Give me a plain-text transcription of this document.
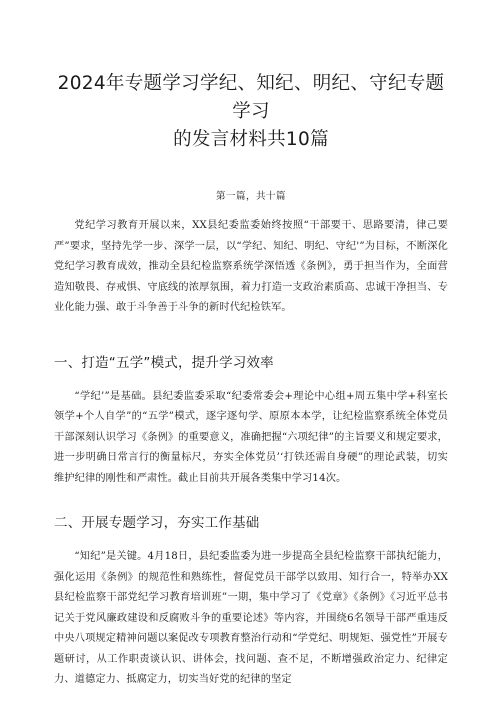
2024年专题学习学纪、知纪、明纪、守纪专题学习
的发言材料共10篇
第一篇，共十篇

党纪学习教育开展以来，XX县纪委监委始终按照“干部要干、思路要清，律己要严”要求，坚持先学一步、深学一层，以“学纪、知纪、明纪、守纪'”为目标，不断深化党纪学习教育成效，推动全县纪检监察系统学深悟透《条例》，勇于担当作为，全面营造知敬畏、存戒惧、守底线的浓厚氛围，着力打造一支政治素质高、忠诚干净担当、专业化能力强、敢于斗争善于斗争的新时代纪检铁军。

一、打造“五学”模式，提升学习效率

“学纪’”是基础。县纪委监委采取“纪委常委会+理论中心组+周五集中学+科室长领学+个人自学”的“五学”模式，逐字逐句学、原原本本学，让纪检监察系统全体党员干部深刻认识学习《条例》的重要意义，准确把握“六项纪律”的主旨要义和规定要求，进一步明确日常言行的衡量标尺，夯实全体党员’‘打铁还需自身硬”的理论武装，切实维护纪律的刚性和严肃性。截止目前共开展各类集中学习14次。

二、开展专题学习，夯实工作基础

“知纪”是关键。4月18日，县纪委监委为进一步提高全县纪检监察干部执纪能力，强化运用《条例》的规范性和熟练性，督促党员干部学以致用、知行合一，特举办XX县纪检监察干部党纪学习教育培训班”一期，集中学习了《党章》《条例》《习近平总书记关于党风廉政建设和反腐败斗争的重要论述》等内容，并围绕6名领导干部严重违反中央八项规定精神问题以案促改专项教育整治行动和“学党纪、明规矩、强党性”开展专题研讨，从工作职责谈认识、讲体会，找问题、查不足，不断增强政治定力、纪律定力、道德定力、抵腐定力，切实当好党的纪律的坚定
